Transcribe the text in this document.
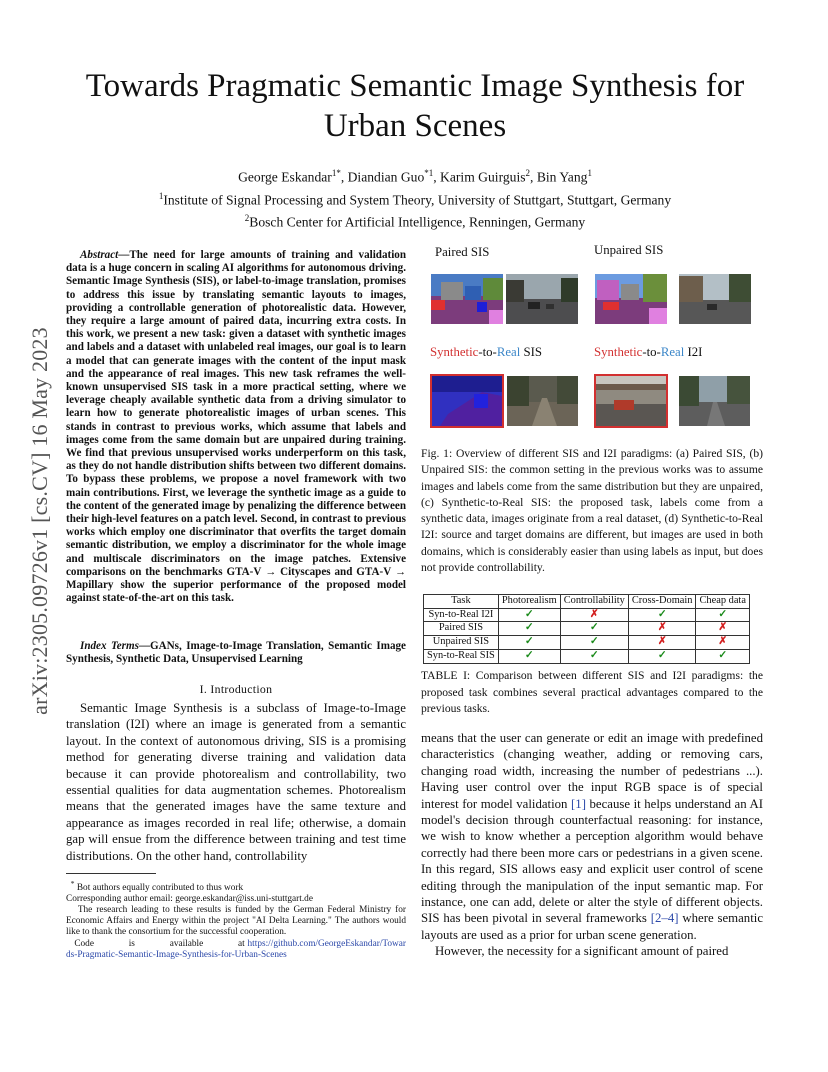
arXiv:2305.09726v1 [cs.CV] 16 May 2023
Towards Pragmatic Semantic Image Synthesis for Urban Scenes
George Eskandar$^{1*}$, Diandian Guo$^{*1}$, Karim Guirguis$^2$, Bin Yang$^1$
$^1$Institute of Signal Processing and System Theory, University of Stuttgart, Stuttgart, Germany
$^2$Bosch Center for Artificial Intelligence, Renningen, Germany
Abstract—The need for large amounts of training and validation data is a huge concern in scaling AI algorithms for autonomous driving. Semantic Image Synthesis (SIS), or label-to-image translation, promises to address this issue by translating semantic layouts to images, providing a controllable generation of photorealistic data. However, they require a large amount of paired data, incurring extra costs. In this work, we present a new task: given a dataset with synthetic images and labels and a dataset with unlabeled real images, our goal is to learn a model that can generate images with the content of the input mask and the appearance of real images. This new task reframes the well-known unsupervised SIS task in a more practical setting, where we leverage cheaply available synthetic data from a driving simulator to learn how to generate photorealistic images of urban scenes. This stands in contrast to previous works, which assume that labels and images come from the same domain but are unpaired during training. We find that previous unsupervised works underperform on this task, as they do not handle distribution shifts between two different domains. To bypass these problems, we propose a novel framework with two main contributions. First, we leverage the synthetic image as a guide to the content of the generated image by penalizing the difference between their high-level features on a patch level. Second, in contrast to previous works which employ one discriminator that overfits the target domain semantic distribution, we employ a discriminator for the whole image and multiscale discriminators on the image patches. Extensive comparisons on the benchmarks GTA-V → Cityscapes and GTA-V → Mapillary show the superior performance of the proposed model against state-of-the-art on this task.
Index Terms—GANs, Image-to-Image Translation, Semantic Image Synthesis, Synthetic Data, Unsupervised Learning
I. Introduction
Semantic Image Synthesis is a subclass of Image-to-Image translation (I2I) where an image is generated from a semantic layout. In the context of autonomous driving, SIS is a promising method for generating diverse training and validation data because it can provide photorealism and controllability, two essential qualities for data augmentation schemes. Photorealism means that the generated images have the same texture and appearance as images recorded in real life; otherwise, a domain gap will ensue from the difference between training and test time distributions. On the other hand, controllability
* Bot authors equally contributed to thus work
Corresponding author email: george.eskandar@iss.uni-stuttgart.de
The research leading to these results is funded by the German Federal Ministry for Economic Affairs and Energy within the project "AI Delta Learning." The authors would like to thank the consortium for the successful cooperation.
Code is available at https://github.com/GeorgeEskandar/Towards-Pragmatic-Semantic-Image-Synthesis-for-Urban-Scenes
Paired SIS	Unpaired SIS
Synthetic-to-Real SIS	Synthetic-to-Real I2I
Fig. 1: Overview of different SIS and I2I paradigms: (a) Paired SIS, (b) Unpaired SIS: the common setting in the previous works was to assume images and labels come from the same distribution but they are unpaired, (c) Synthetic-to-Real SIS: the proposed task, labels come from a synthetic data, images originate from a real dataset, (d) Synthetic-to-Real I2I: source and target domains are different, but images are used in both domains, which is considerably easier than using labels as input, but does not provide controllability.
Task	Photorealism	Controllability	Cross-Domain	Cheap data
Syn-to-Real I2I	✓	✗	✓	✓
Paired SIS	✓	✓	✗	✗
Unpaired SIS	✓	✓	✗	✗
Syn-to-Real SIS	✓	✓	✓	✓
TABLE I: Comparison between different SIS and I2I paradigms: the proposed task combines several practical advantages compared to the previous tasks.
means that the user can generate or edit an image with predefined characteristics (changing weather, adding or removing cars, changing road width, increasing the number of pedestrians ...). Having user control over the input RGB space is of special interest for model validation [1] because it helps understand an AI model's decision through counterfactual reasoning: for instance, we wish to know whether a perception algorithm would behave correctly had there been more cars or pedestrians in a given scene. In this regard, SIS allows easy and explicit user control of scene editing through the manipulation of the input semantic map. For instance, one can add, delete or alter the style of different objects. SIS has been pivotal in several frameworks [2–4] where semantic layouts are used as a prior for urban scene generation.
However, the necessity for a significant amount of paired
